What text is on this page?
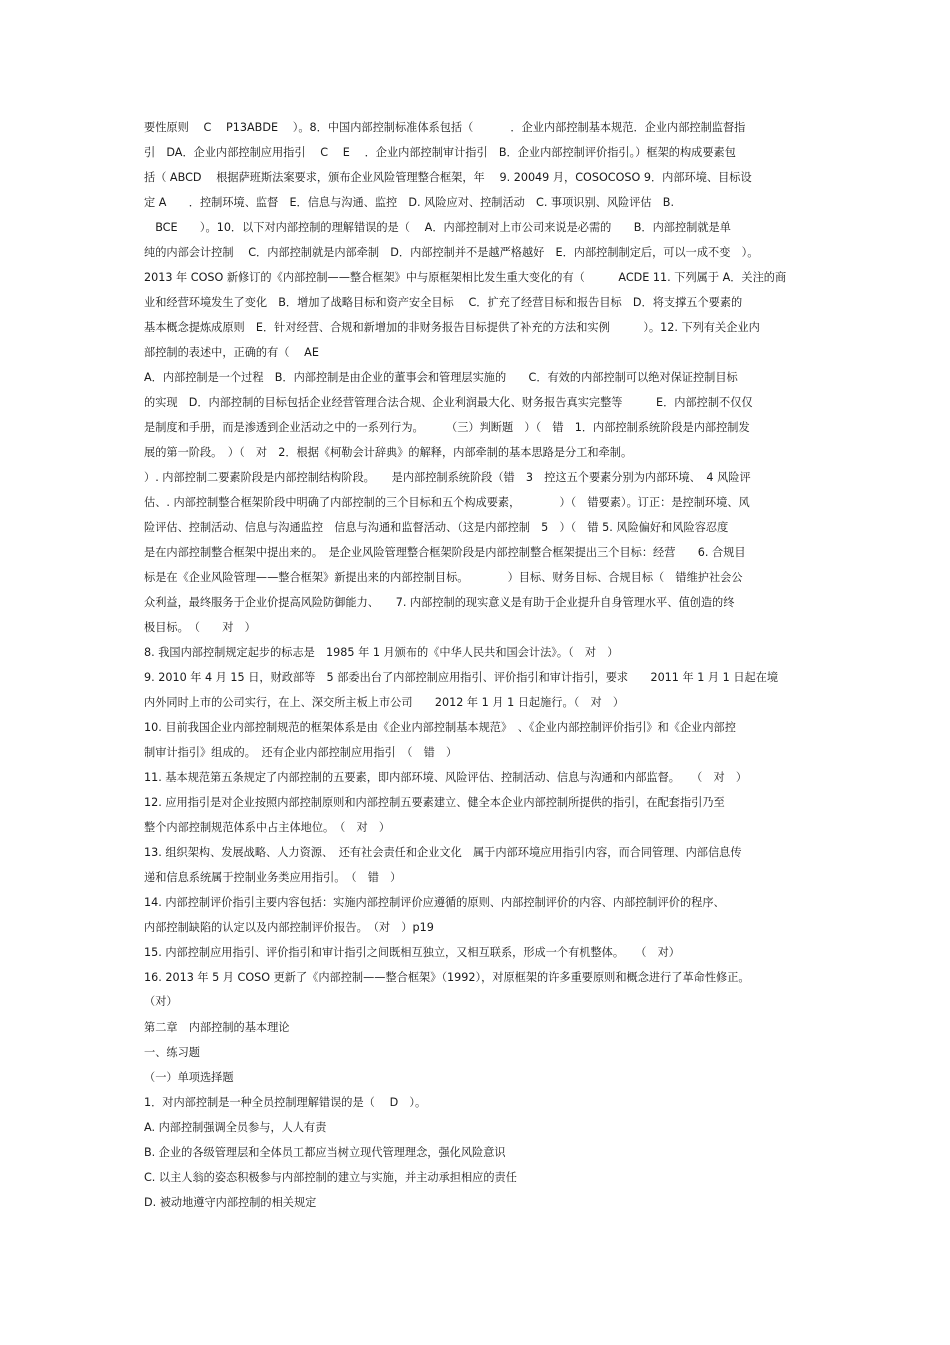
要性原则　 C　 P13ABDE　 ）。8．中国内部控制标准体系包括（　　　 ．企业内部控制基本规范．企业内部控制监督指
引　DA．企业内部控制应用指引　 C　 E　 ．企业内部控制审计指引　B．企业内部控制评价指引。）框架的构成要素包
括（ ABCD　 根据萨班斯法案要求，颁布企业风险管理整合框架，年　 9. 20049 月，COSOCOSO 9．内部环境、目标设
定 A　　．控制环境、监督　E．信息与沟通、监控　D. 风险应对、控制活动　C. 事项识别、风险评估　B.
　BCE　　）。10．以下对内部控制的理解错误的是（　 A．内部控制对上市公司来说是必需的　　B．内部控制就是单
纯的内部会计控制　 C．内部控制就是内部牵制　D．内部控制并不是越严格越好　E．内部控制制定后，可以一成不变　）。
2013 年 COSO 新修订的《内部控制——整合框架》中与原框架相比发生重大变化的有（　　　ACDE 11. 下列属于 A．关注的商
业和经营环境发生了变化　B．增加了战略目标和资产安全目标　 C．扩充了经营目标和报告目标　D．将支撑五个要素的
基本概念提炼成原则　E．针对经营、合规和新增加的非财务报告目标提供了补充的方法和实例　　　）。12. 下列有关企业内
部控制的表述中，正确的有（　 AE
A．内部控制是一个过程　B．内部控制是由企业的董事会和管理层实施的　　C．有效的内部控制可以绝对保证控制目标
的实现　D．内部控制的目标包括企业经营管理合法合规、企业利润最大化、财务报告真实完整等　　　E．内部控制不仅仅
是制度和手册，而是渗透到企业活动之中的一系列行为。　　　（三）判断题　）（　错　1．内部控制系统阶段是内部控制发
展的第一阶段。　）（　对　2．根据《柯勒会计辞典》的解释，内部牵制的基本思路是分工和牵制。
）. 内部控制二要素阶段是内部控制结构阶段。　　是内部控制系统阶段（错　3　控这五个要素分别为内部环境、　4 风险评
估、. 内部控制整合框架阶段中明确了内部控制的三个目标和五个构成要素，　　　　）（　错要素）。订正：是控制环境、风
险评估、控制活动、信息与沟通监控　信息与沟通和监督活动、（这是内部控制　5　）（　错 5. 风险偏好和风险容忍度
是在内部控制整合框架中提出来的。　是企业风险管理整合框架阶段是内部控制整合框架提出三个目标：经营　　6. 合规目
标是在《企业风险管理——整合框架》新提出来的内部控制目标。　　　　）目标、财务目标、合规目标（　错维护社会公
众利益，最终服务于企业价提高风险防御能力、　　7. 内部控制的现实意义是有助于企业提升自身管理水平、值创造的终
极目标。　（　　对　）
8. 我国内部控制规定起步的标志是　1985 年 1 月颁布的《中华人民共和国会计法》。（　对　）
9. 2010 年 4 月 15 日，财政部等　5 部委出台了内部控制应用指引、评价指引和审计指引，要求　　2011 年 1 月 1 日起在境
内外同时上市的公司实行，在上、深交所主板上市公司　　2012 年 1 月 1 日起施行。（　对　）
10. 目前我国企业内部控制规范的框架体系是由《企业内部控制基本规范》　、《企业内部控制评价指引》和《企业内部控
制审计指引》组成的。　还有企业内部控制应用指引　（　错　）
11. 基本规范第五条规定了内部控制的五要素，即内部环境、风险评估、控制活动、信息与沟通和内部监督。　　（　对　）
12. 应用指引是对企业按照内部控制原则和内部控制五要素建立、健全本企业内部控制所提供的指引，在配套指引乃至
整个内部控制规范体系中占主体地位。　（　对　）
13. 组织架构、发展战略、人力资源、　还有社会责任和企业文化　属于内部环境应用指引内容，而合同管理、内部信息传
递和信息系统属于控制业务类应用指引。　（　错　）
14. 内部控制评价指引主要内容包括：实施内部控制评价应遵循的原则、内部控制评价的内容、内部控制评价的程序、
内部控制缺陷的认定以及内部控制评价报告。　（对　）p19
15. 内部控制应用指引、评价指引和审计指引之间既相互独立，又相互联系，形成一个有机整体。　　（　对）
16. 2013 年 5 月 COSO 更新了《内部控制——整合框架》（1992），对原框架的许多重要原则和概念进行了革命性修正。
（对）
第二章　内部控制的基本理论
一、练习题
（一）单项选择题
1．对内部控制是一种全员控制理解错误的是（　 D　）。
A. 内部控制强调全员参与，人人有责
B. 企业的各级管理层和全体员工都应当树立现代管理理念，强化风险意识
C. 以主人翁的姿态积极参与内部控制的建立与实施，并主动承担相应的责任
D. 被动地遵守内部控制的相关规定
